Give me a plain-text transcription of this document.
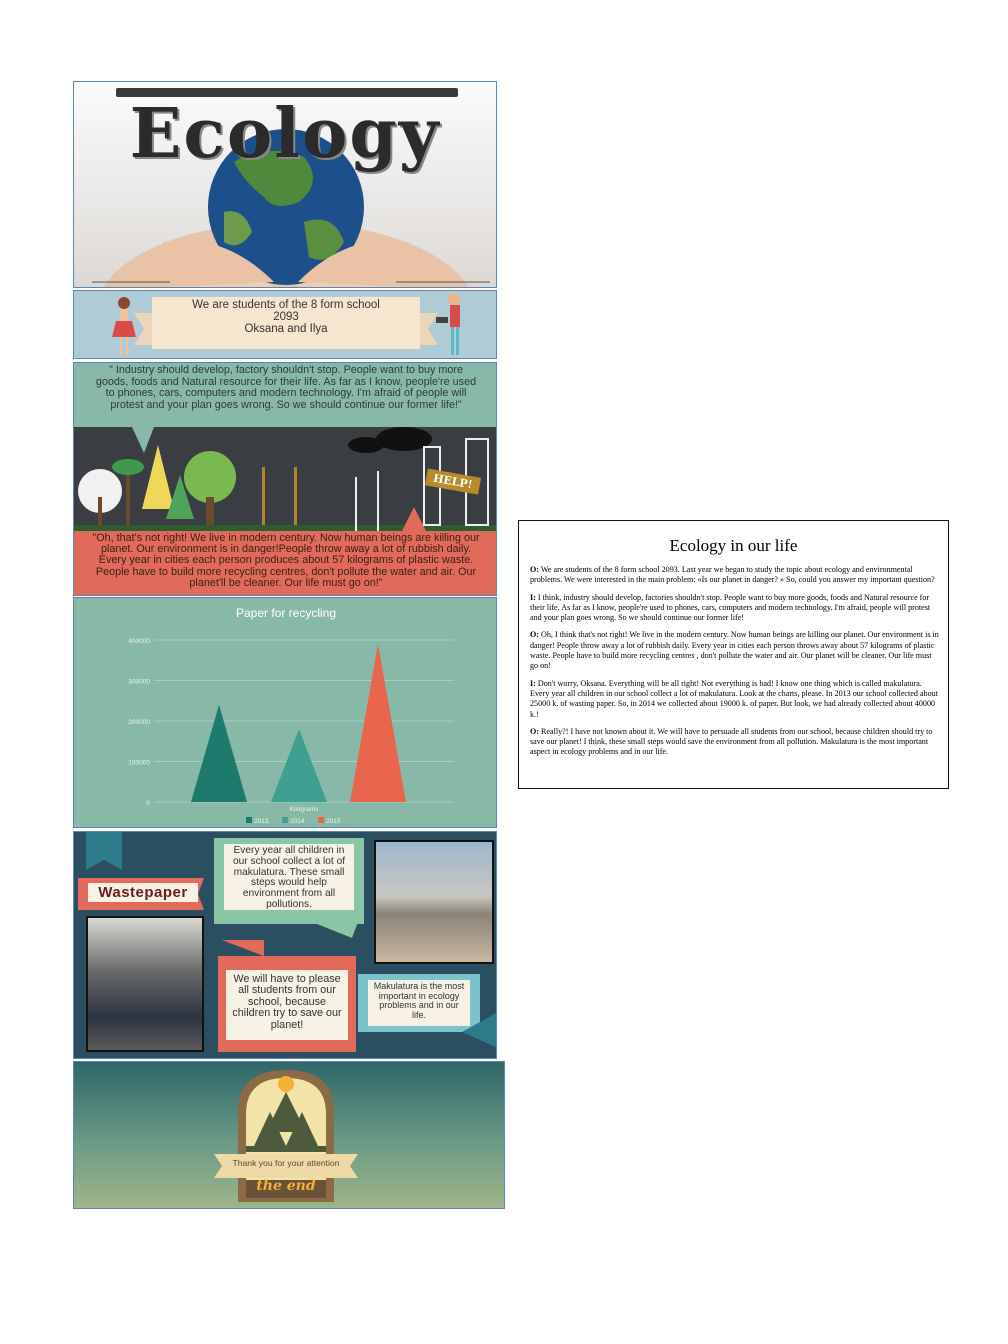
Ecology
We are students of the 8 form school
2093
Oksana and Ilya
" Industry should develop, factory shouldn't stop. People want to buy more goods, foods and Natural resource for their life. As far as I know, people're used to phones, cars, computers and modern technology. I'm afraid of people will protest and your plan goes wrong. So we should continue our former life!"
HELP!
"Oh, that's not right! We live in modern century. Now human beings are killing our planet. Our environment is in danger!People throw away a lot of rubbish daily. Every year in cities each person produces about 57 kilograms of plastic waste. People have to build more recycling centres, don't pollute the water and air. Our planet'll be cleaner. Our life must go on!"
Paper for recycling
0
100000
200000
300000
400000
Kilograms
2013	2014	2015
Wastepaper
Every year all children in our school collect a lot of makulatura. These small steps would help environment from all pollutions.
We will have to please all students from our school, because children try to save our planet!
Makulatura is the most important in ecology problems and in our life.
Thank you for your attention
the end
Ecology in our life

O: We are students of the 8 form school 2093. Last year we began to study the topic about ecology and environmental problems. We were interested in the main problem: «Is our planet in danger? » So, could you answer my important question?

I: I think, industry should develop, factories shouldn't stop. People want to buy more goods, foods and Natural resource for their life. As far as I know, people're used to phones, cars, computers and modern technology. I'm afraid, people will protest and your plan goes wrong. So we should continue our former life!

O: Oh, I think that's not right! We live in the modern century. Now human beings are killing our planet. Our environment is in danger! People throw away a lot of rubbish daily. Every year in cities each person throws away about 57 kilograms of plastic waste. People have to build more recycling centres , don't pollute the water and air. Our planet will be cleaner. Our life must go on!

I: Don't worry, Oksana. Everything will be all right! Not everything is bad! I know one thing which is called makulatura. Every year all children in our school collect a lot of makulatura. Look at the charts, please. In 2013 our school collected about 25000 k. of wasting paper. So, in 2014 we collected about 19000 k. of paper. But look, we had already collected about 40000 k.!

O: Really?! I have not known about it. We will have to persuade all students from our school, because children should try to save our planet! I think, these small steps would save the environment from all pollution. Makulatura is the most important aspect in ecology problems and in our life.
